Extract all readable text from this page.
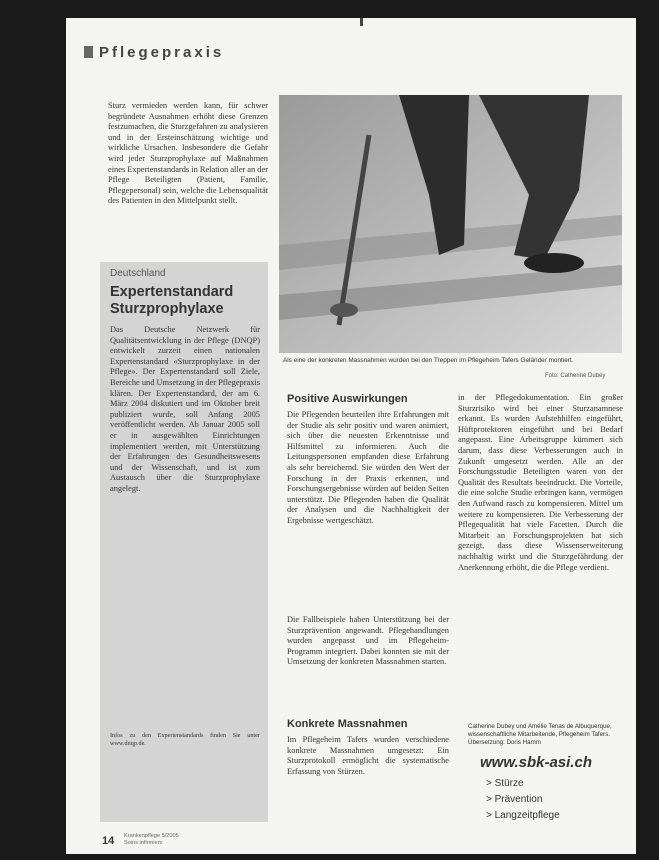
Pflegepraxis

Sturz vermieden werden kann, für schwer begründete Ausnahmen erhöht diese Grenzen festzumachen, die Sturzgefahren zu analysieren und in der Ersteinschätzung wichtige und wirkliche Ursachen. Insbesondere die Gefahr wird jeder Sturzprophylaxe auf Maßnahmen eines Expertenstandards in Relation aller an der Pflege Beteiligten (Patient, Familie, Pflegepersonal) sein, welche die Lebensqualität des Patienten in den Mittelpunkt stellt.

Deutschland
Expertenstandard Sturzprophylaxe

Das Deutsche Netzwerk für Qualitätsentwicklung in der Pflege (DNQP) entwickelt zurzeit einen nationalen Expertenstandard «Sturzprophylaxe in der Pflege». Der Expertenstandard soll Ziele, Bereiche und Umsetzung in der Pflegepraxis klären. Der Expertenstandard, der am 6. März 2004 diskutiert und im Oktober breit publiziert wurde, soll Anfang 2005 veröffentlicht werden. Ab Januar 2005 soll er in ausgewählten Einrichtungen implementiert werden, mit Unterstützung der Erfahrungen des Gesundheitswesens und der Wissenschaft, und ist zum Austausch über die Sturzprophylaxe angelegt.

Infos zu den Expertenstandards finden Sie unter www.dnqp.de.

Als eine der konkreten Massnahmen wurden bei den Treppen im Pflegeheim Tafers Geländer montiert.
Foto: Catherine Dubey
Positive Auswirkungen

Die Pflegenden beurteilen ihre Erfahrungen mit der Studie als sehr positiv und waren animiert, sich über die neuesten Erkenntnisse und Hilfsmittel zu informieren. Auch die Leitungspersonen empfanden diese Erfahrung als sehr bereichernd. Sie würden den Wert der Forschung in der Praxis erkennen, und Forschungsergebnisse würden auf beiden Seiten unterstützt. Die Pflegenden haben die Qualität der Analysen und die Nachhaltigkeit der Ergebnisse wertgeschätzt.

Die Fallbeispiele haben Unterstützung bei der Sturzprävention angewandt. Pflegehandlungen wurden angepasst und im Pflegeheim-Programm integriert. Dabei konnten sie mit der Umsetzung der konkreten Massnahmen starten.

Konkrete Massnahmen

Im Pflegeheim Tafers wurden verschiedene konkrete Massnahmen umgesetzt: Ein Sturzprotokoll ermöglicht die systematische Erfassung von Stürzen.

in der Pflegedokumentation. Ein großer Sturzrisiko wird bei einer Sturzanamnese erkannt. Es wurden Aufstehhilfen eingeführt, Hüftprotektoren eingeführt und bei Bedarf angepasst. Eine Arbeitsgruppe kümmert sich darum, dass diese Verbesserungen auch in Zukunft umgesetzt werden. Alle an der Forschungsstudie Beteiligten waren von der Qualität des Resultats beeindruckt. Die Vorteile, die eine solche Studie erbringen kann, vermögen den Aufwand rasch zu kompensieren. Mittel um weitere zu kompensieren. Die Verbesserung der Pflegequalität hat viele Facetten. Durch die Mitarbeit an Forschungsprojekten hat sich gezeigt, dass diese Wissenserweiterung nachhaltig wirkt und die Sturzgefährdung der Anerkennung erhöht, die die Pflege verdient.

Catherine Dubey und Amélie Tenas de Albuquerque, wissenschaftliche Mitarbeitende, Pflegeheim Tafers.
Übersetzung: Doris Hamm
www.sbk-asi.ch
> Stürze
> Prävention
> Langzeitpflege
14 Krankenpflege 5/2005
Soins infirmiers
